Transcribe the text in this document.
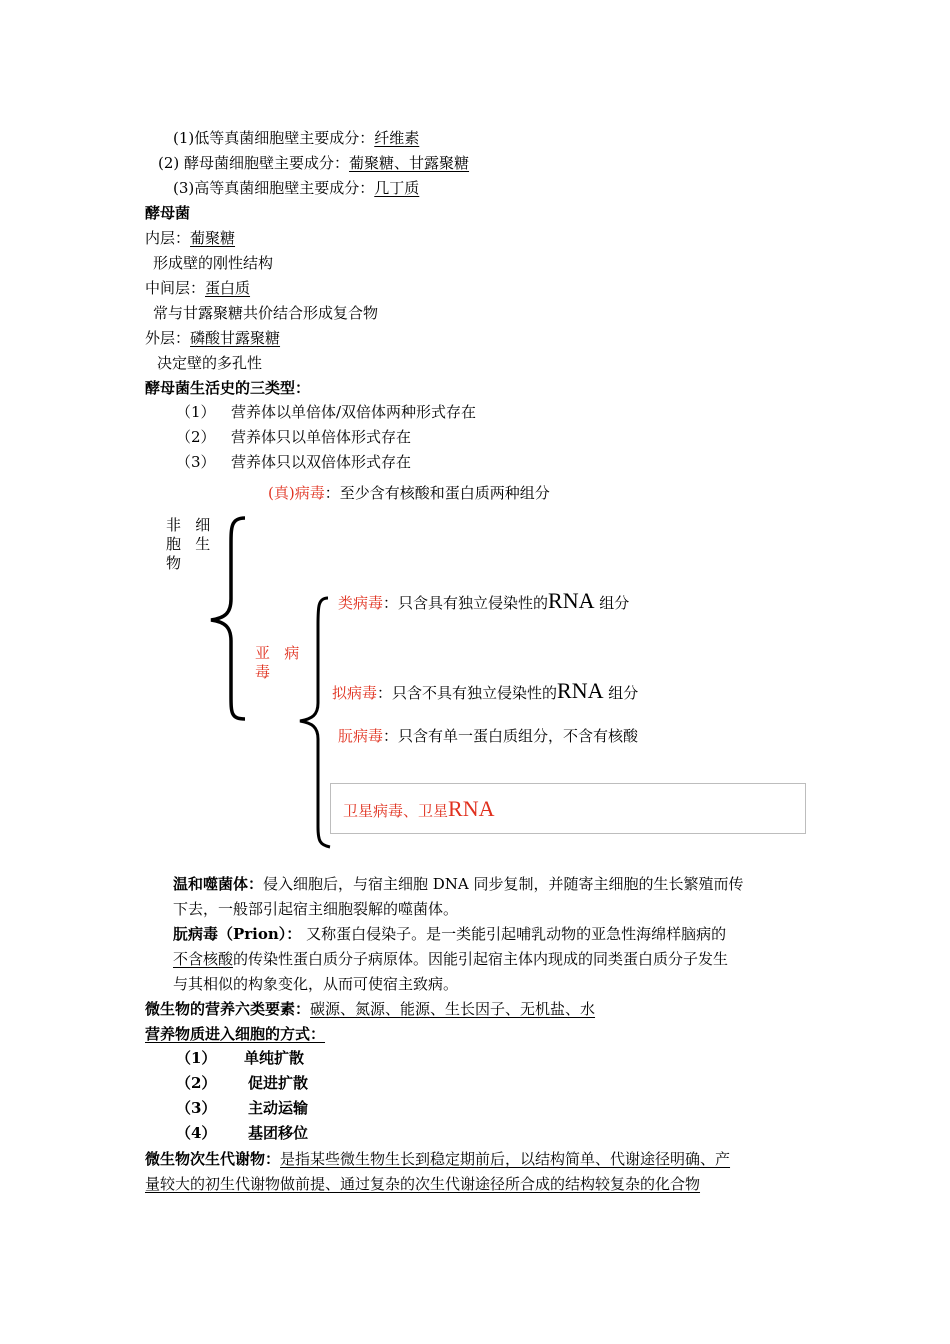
(1)低等真菌细胞壁主要成分：纤维素
(2) 酵母菌细胞壁主要成分：葡聚糖、甘露聚糖
(3)高等真菌细胞壁主要成分：几丁质
酵母菌
内层：葡聚糖
形成壁的刚性结构
中间层：蛋白质
常与甘露聚糖共价结合形成复合物
外层：磷酸甘露聚糖
决定壁的多孔性
酵母菌生活史的三类型：
（1） 营养体以单倍体/双倍体两种形式存在
（2） 营养体只以单倍体形式存在
（3） 营养体只以双倍体形式存在
(真)病毒：至少含有核酸和蛋白质两种组分
非   细
胞   生
物
亚   病
毒
类病毒：只含具有独立侵染性的RNA 组分
拟病毒：只含不具有独立侵染性的RNA 组分
朊病毒：只含有单一蛋白质组分，不含有核酸
卫星病毒、卫星RNA
温和噬菌体：侵入细胞后，与宿主细胞 DNA 同步复制，并随寄主细胞的生长繁殖而传
下去，一般部引起宿主细胞裂解的噬菌体。
朊病毒（Prion）： 又称蛋白侵染子。是一类能引起哺乳动物的亚急性海绵样脑病的
不含核酸的传染性蛋白质分子病原体。因能引起宿主体内现成的同类蛋白质分子发生
与其相似的构象变化，从而可使宿主致病。
微生物的营养六类要素：碳源、氮源、能源、生长因子、无机盐、水
营养物质进入细胞的方式：
（1） 单纯扩散
（2） 促进扩散
（3） 主动运输
（4） 基团移位
微生物次生代谢物：是指某些微生物生长到稳定期前后，以结构简单、代谢途径明确、产
量较大的初生代谢物做前提、通过复杂的次生代谢途径所合成的结构较复杂的化合物
